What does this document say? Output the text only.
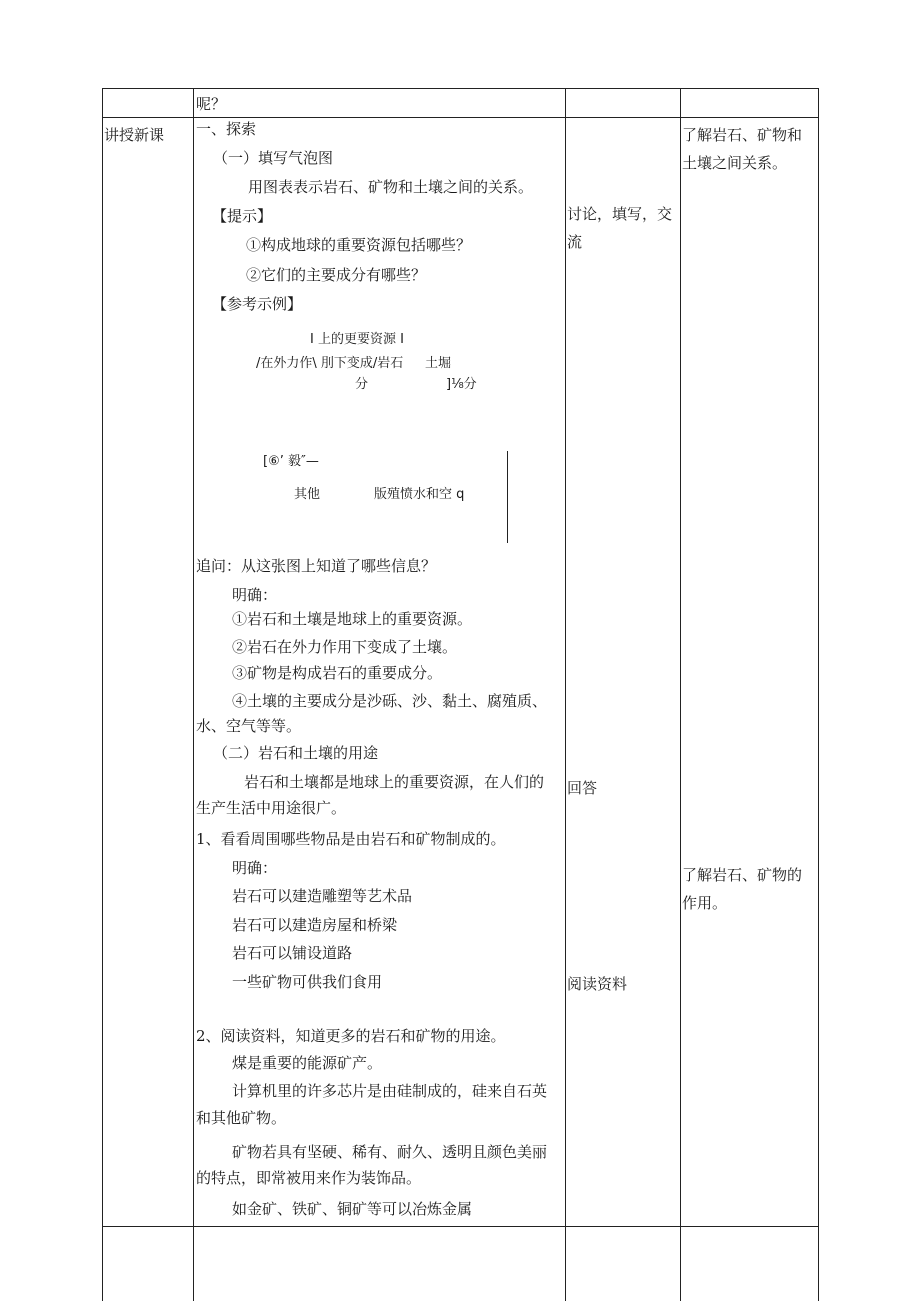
呢？
讲授新课 一、探索
（一）填写气泡图
用图表表示岩石、矿物和土壤之间的关系。
【提示】
①构成地球的重要资源包括哪些？
②它们的主要成分有哪些？
【参考示例】
I 上的更要资源 I
/在外力作\ 刖下变成/岩石 土堀
分	]⅛分
[⑥’ 毅″—
其他	版殖愤水和空 q
追问：从这张图上知道了哪些信息？
明确：
①岩石和土壤是地球上的重要资源。
②岩石在外力作用下变成了土壤。
③矿物是构成岩石的重要成分。
④土壤的主要成分是沙砾、沙、黏土、腐殖质、
水、空气等等。
（二）岩石和土壤的用途
岩石和土壤都是地球上的重要资源，在人们的
生产生活中用途很广。
1、看看周围哪些物品是由岩石和矿物制成的。
明确：
岩石可以建造雕塑等艺术品
岩石可以建造房屋和桥梁
岩石可以铺设道路
一些矿物可供我们食用
2、阅读资料，知道更多的岩石和矿物的用途。
煤是重要的能源矿产。
计算机里的许多芯片是由硅制成的，硅来自石英
和其他矿物。
矿物若具有坚硬、稀有、耐久、透明且颜色美丽
的特点，即常被用来作为装饰品。
如金矿、铁矿、铜矿等可以冶炼金属
讨论，填写，交
流
回答
阅读资料
了解岩石、矿物和
土壤之间关系。
了解岩石、矿物的
作用。
